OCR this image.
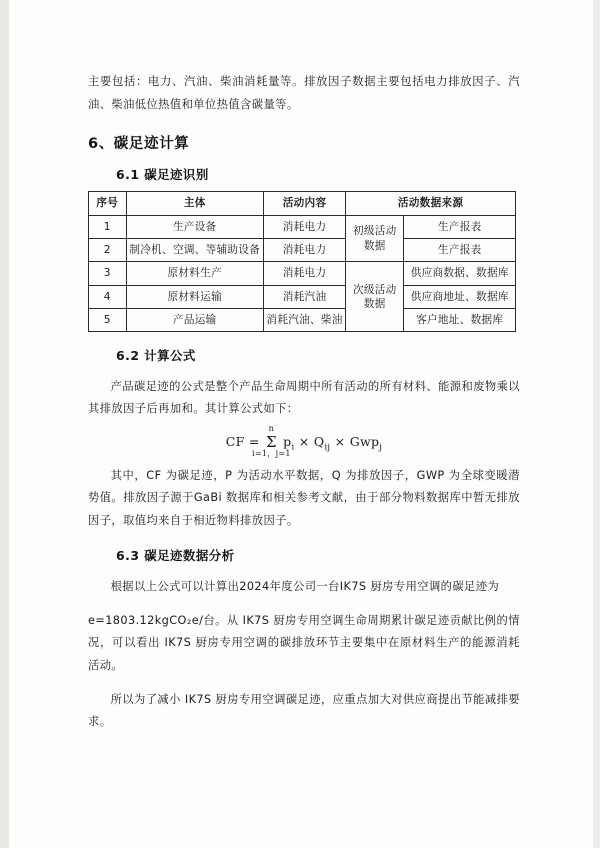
主要包括：电力、汽油、柴油消耗量等。排放因子数据主要包括电力排放因子、汽油、柴油低位热值和单位热值含碳量等。

6、碳足迹计算
6.1 碳足迹识别
序号	主体	活动内容	活动数据来源	
1	生产设备	消耗电力	初级活动数据	生产报表
2	制冷机、空调、等辅助设备	消耗电力		生产报表
3	原材料生产	消耗电力	次级活动数据	供应商数据、数据库
4	原材料运输	消耗汽油		供应商地址、数据库
5	产品运输	消耗汽油、柴油		客户地址、数据库
6.2 计算公式

产品碳足迹的公式是整个产品生命周期中所有活动的所有材料、能源和废物乘以其排放因子后再加和。其计算公式如下：

CF =
n
Σ
i=1，j=1
$p_i \times Q_{ij} \times Gwp_j$

其中，CF 为碳足迹，P 为活动水平数据，Q 为排放因子，GWP 为全球变暖潜势值。排放因子源于GaBi 数据库和相关参考文献，由于部分物料数据库中暂无排放因子，取值均来自于相近物料排放因子。

6.3 碳足迹数据分析

根据以上公式可以计算出2024年度公司一台IK7S 厨房专用空调的碳足迹为

e=1803.12kgCO₂e/台。从 IK7S 厨房专用空调生命周期累计碳足迹贡献比例的情况，可以看出 IK7S 厨房专用空调的碳排放环节主要集中在原材料生产的能源消耗活动。

所以为了减小 IK7S 厨房专用空调碳足迹，应重点加大对供应商提出节能减排要求。
